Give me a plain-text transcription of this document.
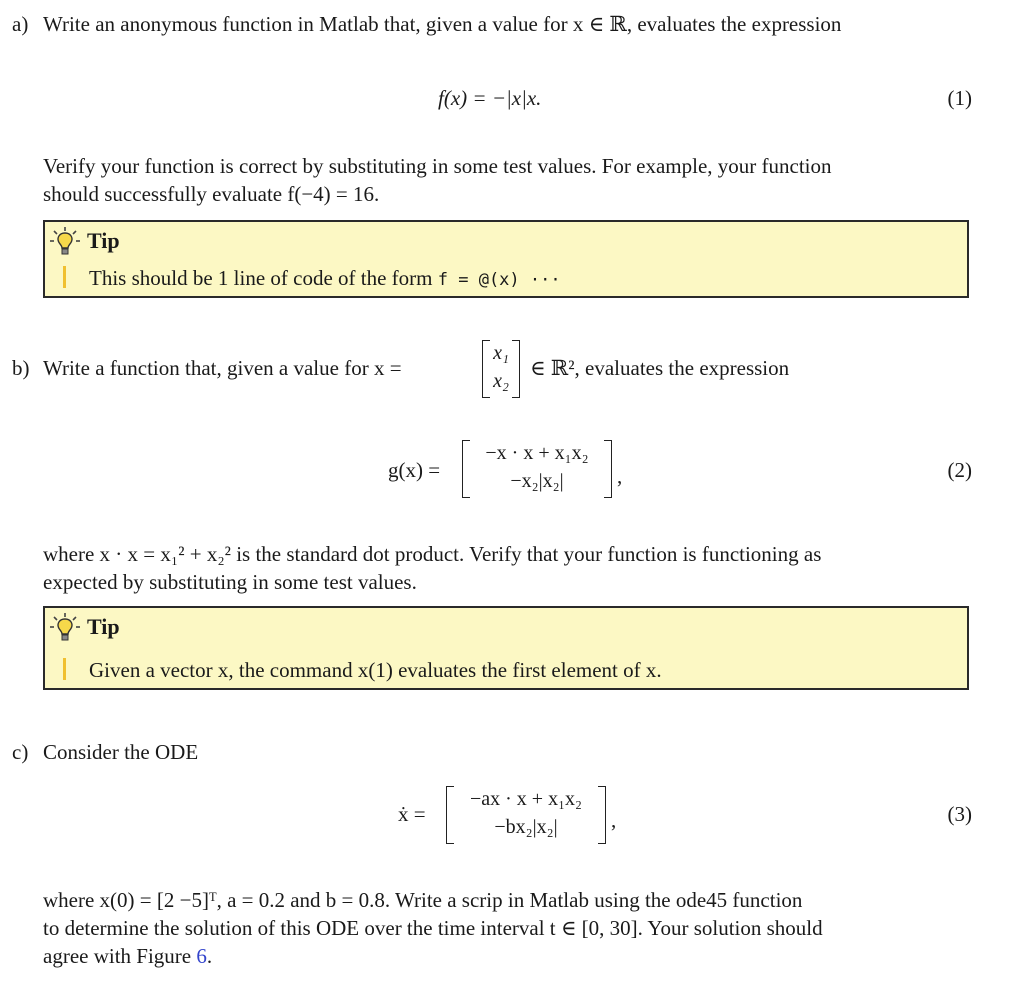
a) Write an anonymous function in Matlab that, given a value for x ∈ ℝ, evaluates the expression
f(x) = −|x|x.	(1)
Verify your function is correct by substituting in some test values. For example, your function
should successfully evaluate f(−4) = 16.
Tip
This should be 1 line of code of the form f = @(x) ···
b) Write a function that, given a value for x =
x₁
x₂
∈ ℝ², evaluates the expression
g(x) =
−x · x + x₁x₂
−x₂|x₂|	,	(2)
where x · x = x₁² + x₂² is the standard dot product. Verify that your function is functioning as
expected by substituting in some test values.
Tip
Given a vector x, the command x(1) evaluates the first element of x.
c) Consider the ODE
ẋ =
−ax · x + x₁x₂
−bx₂|x₂|	,	(3)
where x(0) = [2 −5]ᵀ, a = 0.2 and b = 0.8. Write a scrip in Matlab using the ode45 function
to determine the solution of this ODE over the time interval t ∈ [0, 30]. Your solution should
agree with Figure 6.
